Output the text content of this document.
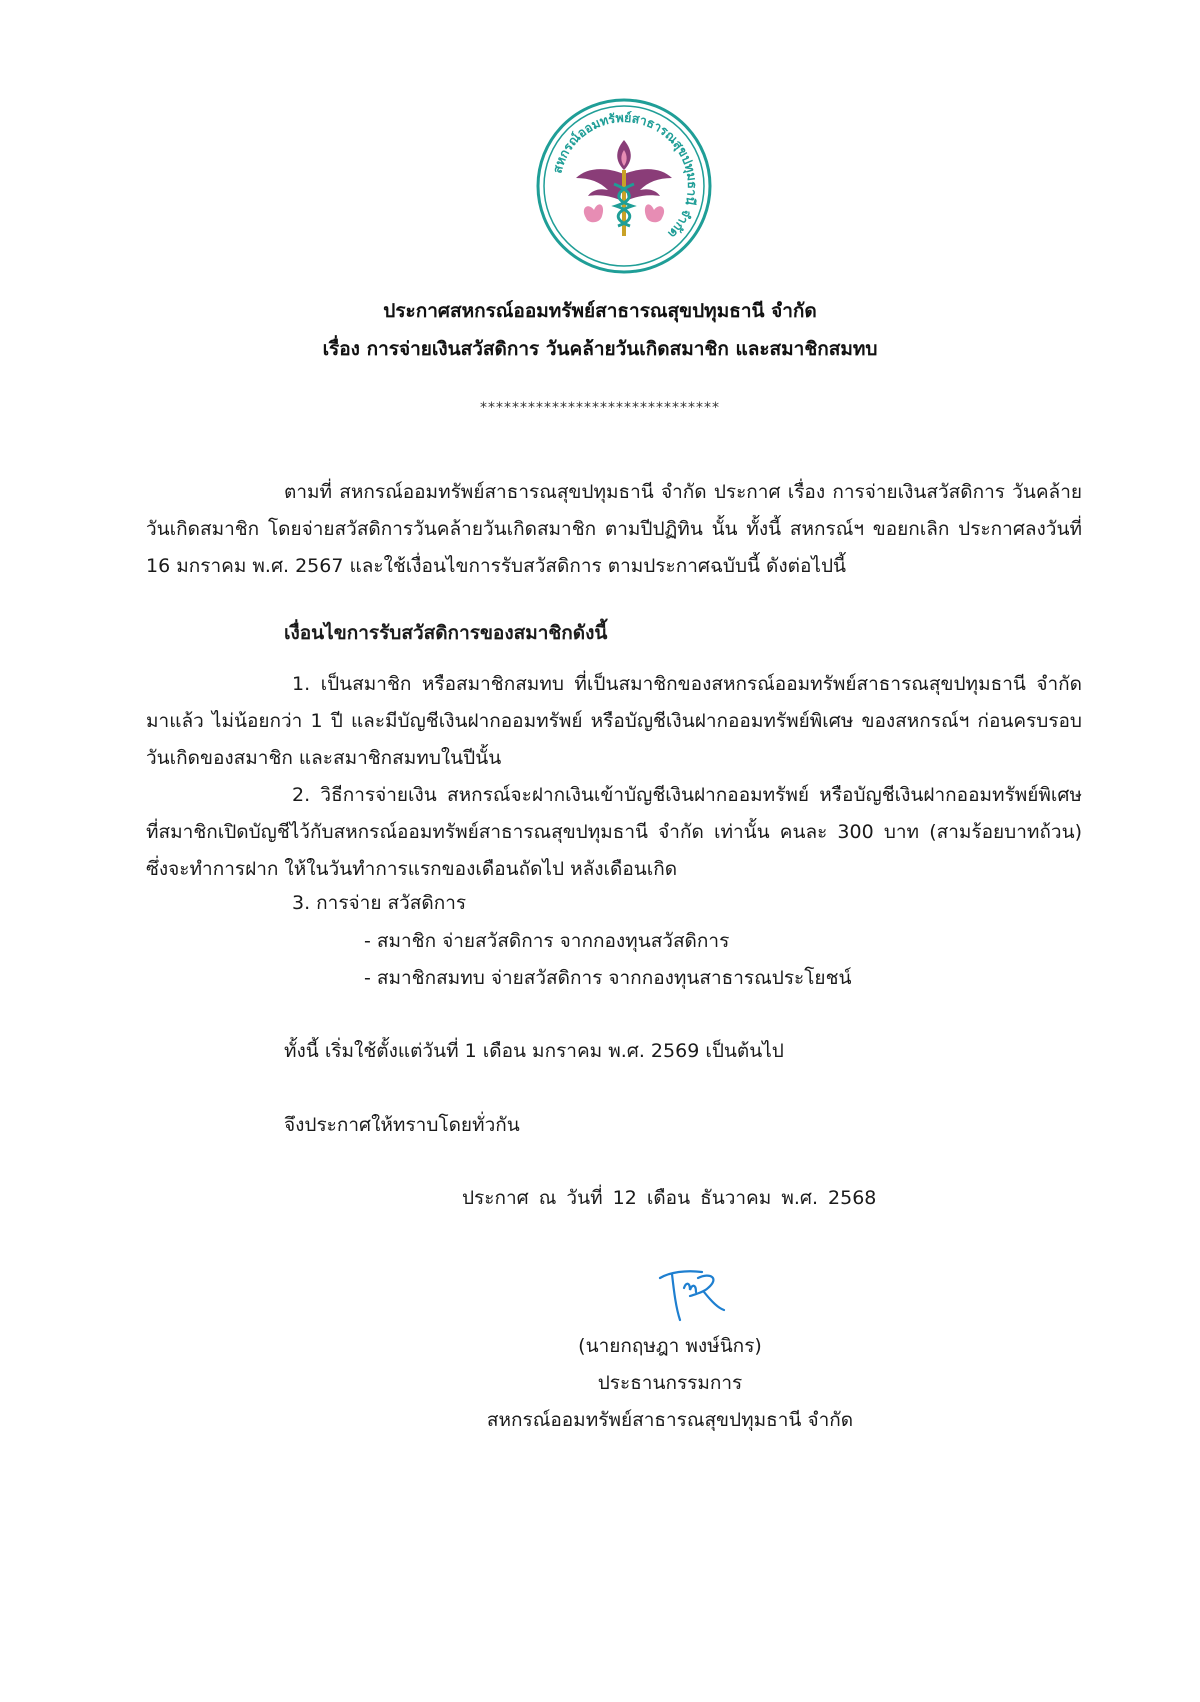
สหกรณ์ออมทรัพย์สาธารณสุขปทุมธานี จำกัด
ประกาศสหกรณ์ออมทรัพย์สาธารณสุขปทุมธานี จำกัด
เรื่อง การจ่ายเงินสวัสดิการ วันคล้ายวันเกิดสมาชิก และสมาชิกสมทบ
******************************
ตามที่ สหกรณ์ออมทรัพย์สาธารณสุขปทุมธานี จำกัด ประกาศ เรื่อง การจ่ายเงินสวัสดิการ วันคล้ายวันเกิดสมาชิก โดยจ่ายสวัสดิการวันคล้ายวันเกิดสมาชิก ตามปีปฏิทิน นั้น ทั้งนี้ สหกรณ์ฯ ขอยกเลิก ประกาศลงวันที่ 16 มกราคม พ.ศ. 2567 และใช้เงื่อนไขการรับสวัสดิการ ตามประกาศฉบับนี้ ดังต่อไปนี้
เงื่อนไขการรับสวัสดิการของสมาชิกดังนี้
1. เป็นสมาชิก หรือสมาชิกสมทบ ที่เป็นสมาชิกของสหกรณ์ออมทรัพย์สาธารณสุขปทุมธานี จำกัด มาแล้ว ไม่น้อยกว่า 1 ปี และมีบัญชีเงินฝากออมทรัพย์ หรือบัญชีเงินฝากออมทรัพย์พิเศษ ของสหกรณ์ฯ ก่อนครบรอบวันเกิดของสมาชิก และสมาชิกสมทบในปีนั้น
2. วิธีการจ่ายเงิน สหกรณ์จะฝากเงินเข้าบัญชีเงินฝากออมทรัพย์ หรือบัญชีเงินฝากออมทรัพย์พิเศษ ที่สมาชิกเปิดบัญชีไว้กับสหกรณ์ออมทรัพย์สาธารณสุขปทุมธานี จำกัด เท่านั้น คนละ 300 บาท (สามร้อยบาทถ้วน) ซึ่งจะทำการฝาก ให้ในวันทำการแรกของเดือนถัดไป หลังเดือนเกิด
3. การจ่าย สวัสดิการ
- สมาชิก จ่ายสวัสดิการ จากกองทุนสวัสดิการ
- สมาชิกสมทบ จ่ายสวัสดิการ จากกองทุนสาธารณประโยชน์
ทั้งนี้ เริ่มใช้ตั้งแต่วันที่ 1 เดือน มกราคม พ.ศ. 2569 เป็นต้นไป
จึงประกาศให้ทราบโดยทั่วกัน
ประกาศ ณ วันที่ 12 เดือน ธันวาคม พ.ศ. 2568
(นายกฤษฎา พงษ์นิกร)
ประธานกรรมการ
สหกรณ์ออมทรัพย์สาธารณสุขปทุมธานี จำกัด
